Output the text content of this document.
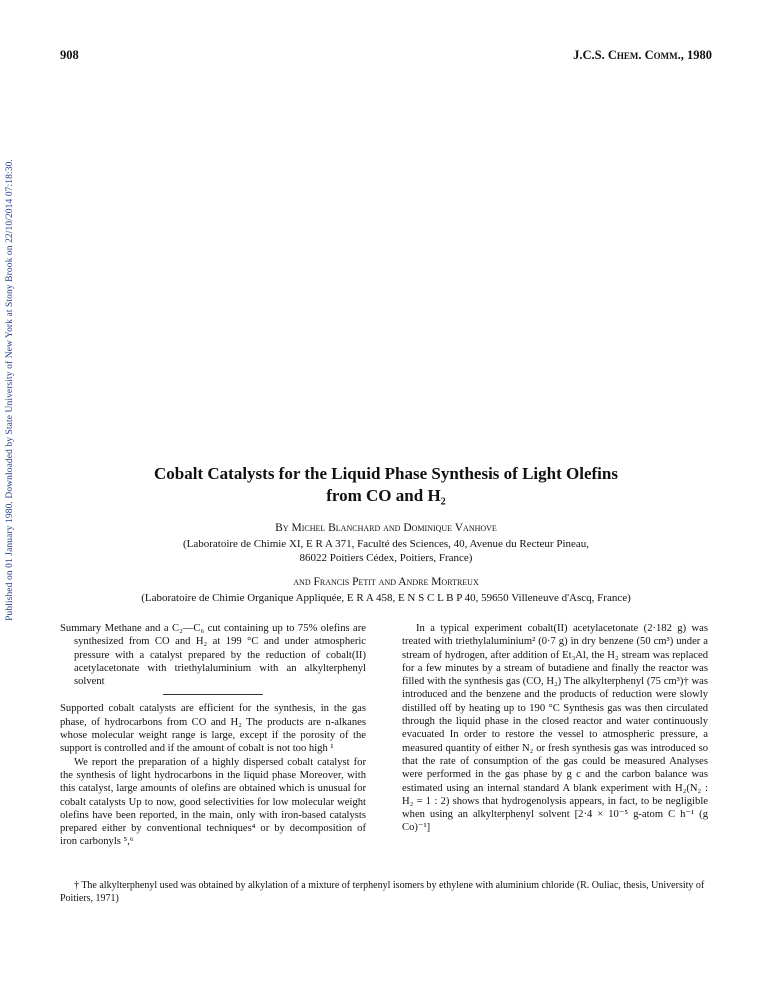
Published on 01 January 1980. Downloaded by State University of New York at Stony Brook on 22/10/2014 07:18:30.
908	J.C.S. Chem. Comm., 1980
Cobalt Catalysts for the Liquid Phase Synthesis of Light Olefins
from CO and H₂
By Michel Blanchard and Dominique Vanhove
(Laboratoire de Chimie XI, E R A 371, Faculté des Sciences, 40, Avenue du Recteur Pineau,
86022 Poitiers Cédex, Poitiers, France)
and Francis Petit and Andre Mortreux
(Laboratoire de Chimie Organique Appliquée, E R A 458, E N S C L B P 40, 59650 Villeneuve d'Ascq, France)

Summary Methane and a C₂—C₆ cut containing up to 75% olefins are synthesized from CO and H₂ at 199 °C and under atmospheric pressure with a catalyst prepared by the reduction of cobalt(II) acetylacetonate with triethylaluminium with an alkylterphenyl solvent

Supported cobalt catalysts are efficient for the synthesis, in the gas phase, of hydrocarbons from CO and H₂ The products are n-alkanes whose molecular weight range is large, except if the porosity of the support is controlled and if the amount of cobalt is not too high ¹

We report the preparation of a highly dispersed cobalt catalyst for the synthesis of light hydrocarbons in the liquid phase Moreover, with this catalyst, large amounts of olefins are obtained which is unusual for cobalt catalysts Up to now, good selectivities for low molecular weight olefins have been reported, in the main, only with iron-based catalysts prepared either by conventional techniques⁴ or by decomposition of iron carbonyls ⁵,⁶

In a typical experiment cobalt(II) acetylacetonate (2·182 g) was treated with triethylaluminium² (0·7 g) in dry benzene (50 cm³) under a stream of hydrogen, after addition of Et₃Al, the H₂ stream was replaced for a few minutes by a stream of butadiene and finally the reactor was filled with the synthesis gas (CO, H₂) The alkylterphenyl (75 cm³)† was introduced and the benzene and the products of reduction were slowly distilled off by heating up to 190 °C Synthesis gas was then circulated through the liquid phase in the closed reactor and water continuously evacuated In order to restore the vessel to atmospheric pressure, a measured quantity of either N₂ or fresh synthesis gas was introduced so that the rate of consumption of the gas could be measured Analyses were performed in the gas phase by g c and the carbon balance was estimated using an internal standard A blank experiment with H₂(N₂ : H₂ = 1 : 2) shows that hydrogenolysis appears, in fact, to be negligible when using an alkylterphenyl solvent [2·4 × 10⁻⁵ g-atom C h⁻¹ (g Co)⁻¹]

† The alkylterphenyl used was obtained by alkylation of a mixture of terphenyl isomers by ethylene with aluminium chloride (R. Ouliac, thesis, University of Poitiers, 1971)
